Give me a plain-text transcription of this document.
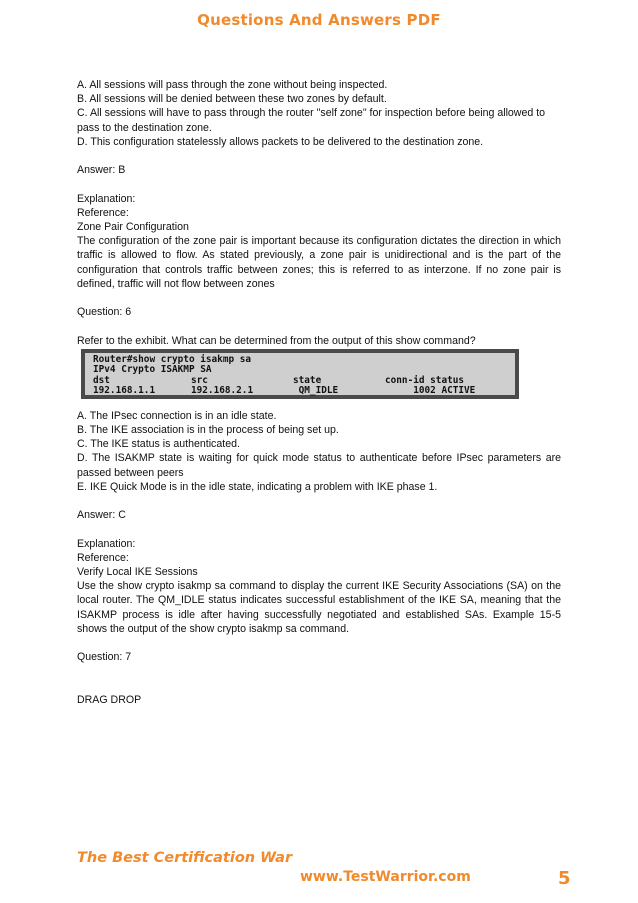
Questions And Answers PDF

A. All sessions will pass through the zone without being inspected.

B. All sessions will be denied between these two zones by default.

C. All sessions will have to pass through the router "self zone" for inspection before being allowed to pass to the destination zone.

D. This configuration statelessly allows packets to be delivered to the destination zone.

Answer: B

Explanation:

Reference:

Zone Pair Configuration

The configuration of the zone pair is important because its configuration dictates the direction in which traffic is allowed to flow. As stated previously, a zone pair is unidirectional and is the part of the configuration that controls traffic between zones; this is referred to as interzone. If no zone pair is defined, traffic will not flow between zones

Question: 6

Refer to the exhibit. What can be determined from the output of this show command?

Router#show crypto isakmp sa
IPv4 Crypto ISAKMP SA
dst	src	state	conn-id status
192.168.1.1	192.168.2.1	QM_IDLE	1002 ACTIVE

A. The IPsec connection is in an idle state.

B. The IKE association is in the process of being set up.

C. The IKE status is authenticated.

D. The ISAKMP state is waiting for quick mode status to authenticate before IPsec parameters are passed between peers

E. IKE Quick Mode is in the idle state, indicating a problem with IKE phase 1.

Answer: C

Explanation:

Reference:

Verify Local IKE Sessions

Use the show crypto isakmp sa command to display the current IKE Security Associations (SA) on the local router. The QM_IDLE status indicates successful establishment of the IKE SA, meaning that the ISAKMP process is idle after having successfully negotiated and established SAs. Example 15-5 shows the output of the show crypto isakmp sa command.

Question: 7

DRAG DROP

The Best Certification War
www.TestWarrior.com	5
